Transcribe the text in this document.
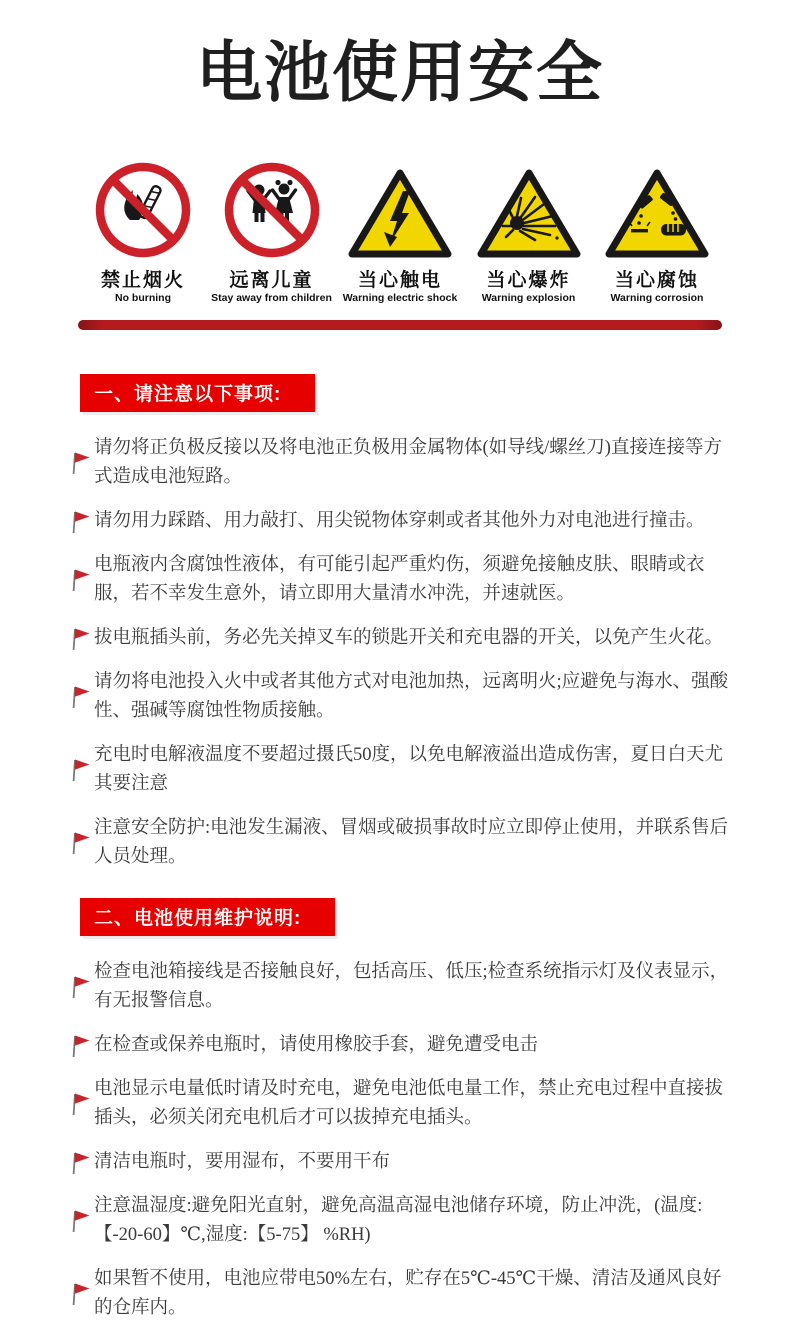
电池使用安全
禁止烟火
No burning
远离儿童
Stay away from children
当心触电
Warning electric shock
当心爆炸
Warning explosion
当心腐蚀
Warning corrosion
一、请注意以下事项:

请勿将正负极反接以及将电池正负极用金属物体(如导线/螺丝刀)直接连接等方式造成电池短路。

请勿用力踩踏、用力敲打、用尖锐物体穿刺或者其他外力对电池进行撞击。

电瓶液内含腐蚀性液体，有可能引起严重灼伤，须避免接触皮肤、眼睛或衣服，若不幸发生意外，请立即用大量清水冲洗，并速就医。

拔电瓶插头前，务必先关掉叉车的锁匙开关和充电器的开关，以免产生火花。

请勿将电池投入火中或者其他方式对电池加热，远离明火;应避免与海水、强酸性、强碱等腐蚀性物质接触。

充电时电解液温度不要超过摄氏50度，以免电解液溢出造成伤害，夏日白天尤其要注意

注意安全防护:电池发生漏液、冒烟或破损事故时应立即停止使用，并联系售后人员处理。

二、电池使用维护说明:

检查电池箱接线是否接触良好，包括高压、低压;检查系统指示灯及仪表显示，有无报警信息。

在检查或保养电瓶时，请使用橡胶手套，避免遭受电击

电池显示电量低时请及时充电，避免电池低电量工作，禁止充电过程中直接拔插头，必须关闭充电机后才可以拔掉充电插头。

清洁电瓶时，要用湿布，不要用干布

注意温湿度:避免阳光直射，避免高温高湿电池储存环境，防止冲洗，(温度:【-20-60】℃,湿度:【5-75】 %RH)

如果暂不使用，电池应带电50%左右，贮存在5℃-45℃干燥、清洁及通风良好的仓库内。
